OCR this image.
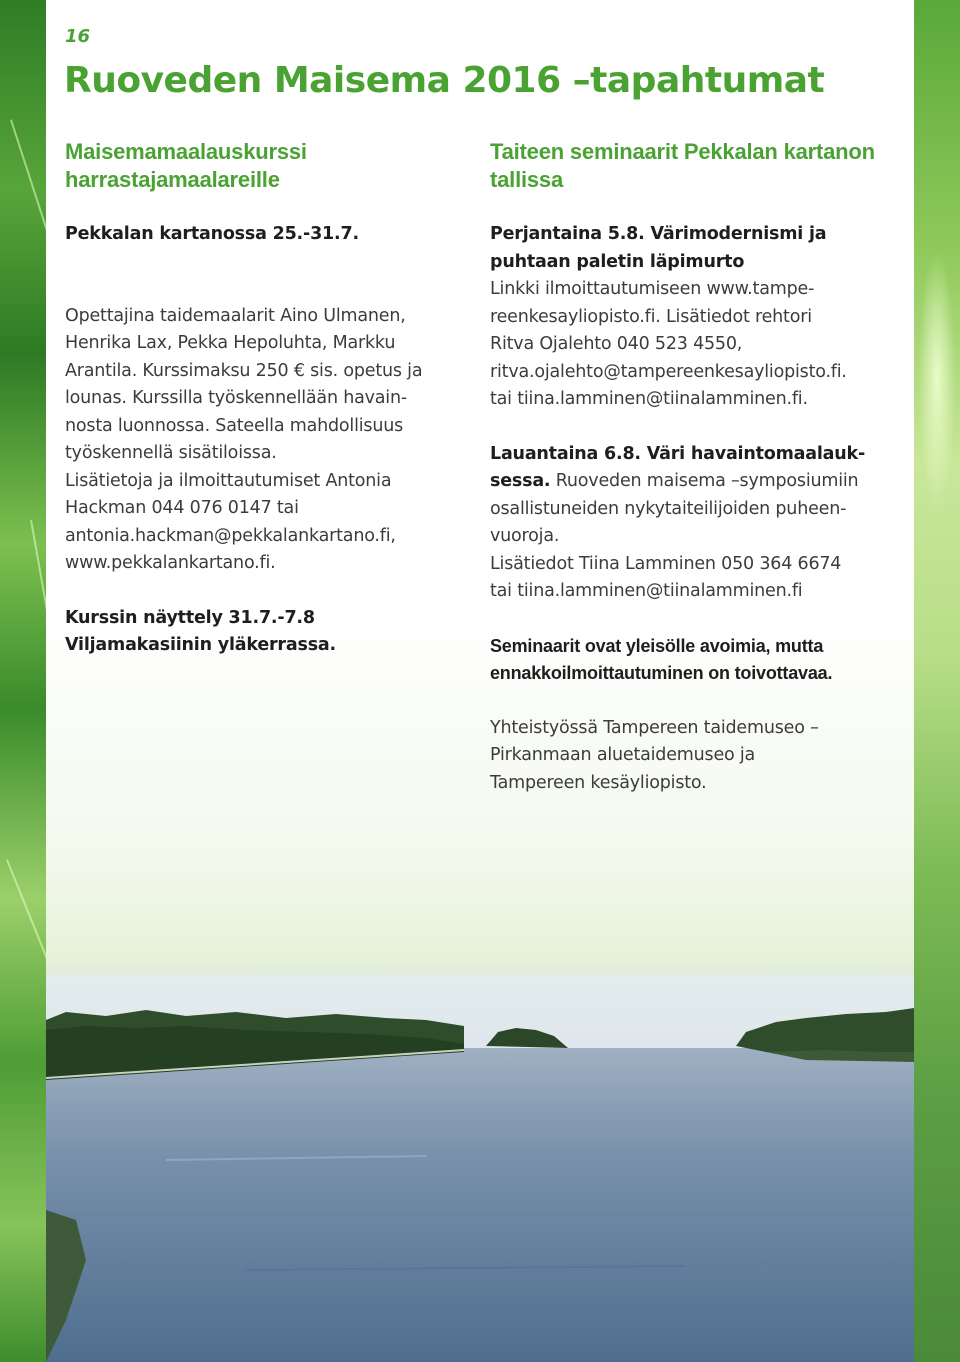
16
Ruoveden Maisema 2016 –tapahtumat
Maisemamaalauskurssi
harrastajamaalareille

Pekkalan kartanossa 25.-31.7.

Opettajina taidemaalarit Aino Ulmanen,
Henrika Lax, Pekka Hepoluhta, Markku
Arantila. Kurssimaksu 250 € sis. opetus ja
lounas. Kurssilla työskennellään havain-
nosta luonnossa. Sateella mahdollisuus
työskennellä sisätiloissa.
Lisätietoja ja ilmoittautumiset Antonia
Hackman 044 076 0147 tai
antonia.hackman@pekkalankartano.fi,
www.pekkalankartano.fi.
Kurssin näyttely 31.7.-7.8
Viljamakasiinin yläkerrassa.
Taiteen seminaarit Pekkalan kartanon
tallissa
Perjantaina 5.8. Värimodernismi ja
puhtaan paletin läpimurto
Linkki ilmoittautumiseen www.tampe-
reenkesayliopisto.fi. Lisätiedot rehtori
Ritva Ojalehto 040 523 4550,
ritva.ojalehto@tampereenkesayliopisto.fi.
tai tiina.lamminen@tiinalamminen.fi.
Lauantaina 6.8. Väri havaintomaalauk-
sessa. Ruoveden maisema –symposiumiin
osallistuneiden nykytaiteilijoiden puheen-
vuoroja.
Lisätiedot Tiina Lamminen 050 364 6674
tai tiina.lamminen@tiinalamminen.fi
Seminaarit ovat yleisölle avoimia, mutta
ennakkoilmoittautuminen on toivottavaa.
Yhteistyössä Tampereen taidemuseo –
Pirkanmaan aluetaidemuseo ja
Tampereen kesäyliopisto.
